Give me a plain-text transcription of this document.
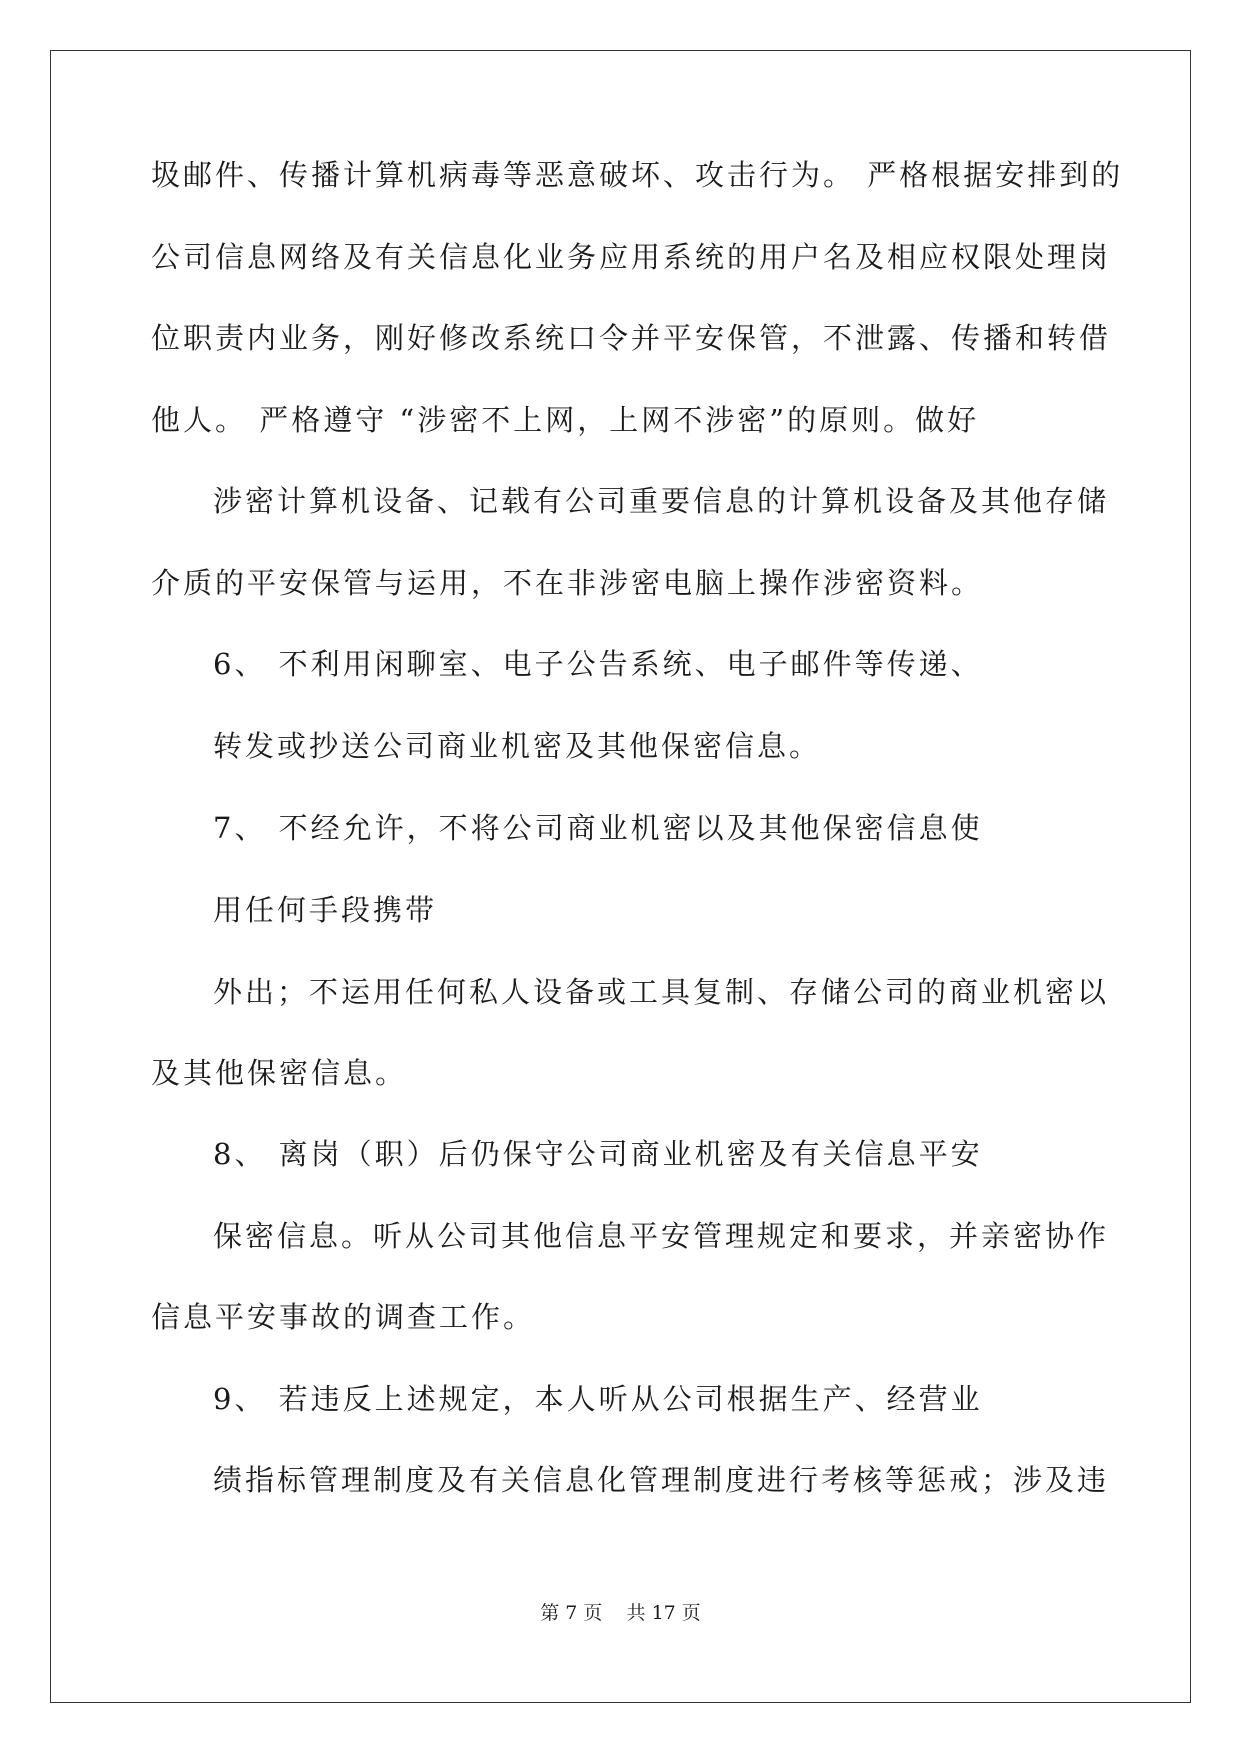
圾邮件、传播计算机病毒等恶意破坏、攻击行为。 严格根据安排到的
公司信息网络及有关信息化业务应用系统的用户名及相应权限处理岗
位职责内业务，刚好修改系统口令并平安保管，不泄露、传播和转借
他人。 严格遵守 “涉密不上网，上网不涉密”的原则。做好
涉密计算机设备、记载有公司重要信息的计算机设备及其他存储
介质的平安保管与运用，不在非涉密电脑上操作涉密资料。
6、 不利用闲聊室、电子公告系统、电子邮件等传递、
转发或抄送公司商业机密及其他保密信息。
7、 不经允许，不将公司商业机密以及其他保密信息使
用任何手段携带
外出；不运用任何私人设备或工具复制、存储公司的商业机密以
及其他保密信息。
8、 离岗（职）后仍保守公司商业机密及有关信息平安
保密信息。听从公司其他信息平安管理规定和要求，并亲密协作
信息平安事故的调查工作。
9、 若违反上述规定，本人听从公司根据生产、经营业
绩指标管理制度及有关信息化管理制度进行考核等惩戒；涉及违
第 7 页    共 17 页
